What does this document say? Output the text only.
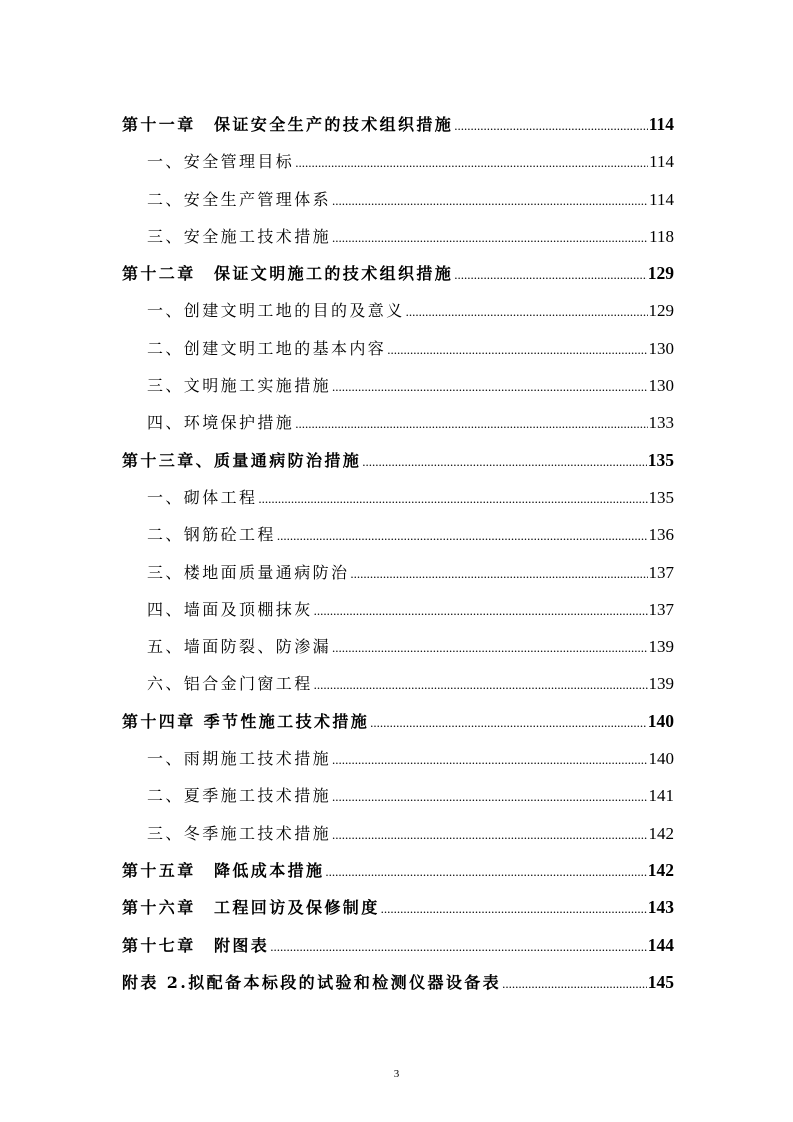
第十一章　保证安全生产的技术组织措施 .....	114
一、安全管理目标 .....	114
二、安全生产管理体系 .....	114
三、安全施工技术措施 .....	118
第十二章　保证文明施工的技术组织措施 .....	129
一、创建文明工地的目的及意义 .....	129
二、创建文明工地的基本内容 .....	130
三、文明施工实施措施 .....	130
四、环境保护措施 .....	133
第十三章、质量通病防治措施 .....	135
一、砌体工程 .....	135
二、钢筋砼工程 .....	136
三、楼地面质量通病防治 .....	137
四、墙面及顶棚抹灰 .....	137
五、墙面防裂、防渗漏 .....	139
六、铝合金门窗工程 .....	139
第十四章 季节性施工技术措施 .....	140
一、雨期施工技术措施 .....	140
二、夏季施工技术措施 .....	141
三、冬季施工技术措施 .....	142
第十五章　降低成本措施 .....	142
第十六章　工程回访及保修制度 .....	143
第十七章　附图表 .....	144
附表 2.拟配备本标段的试验和检测仪器设备表 .....	145
3
